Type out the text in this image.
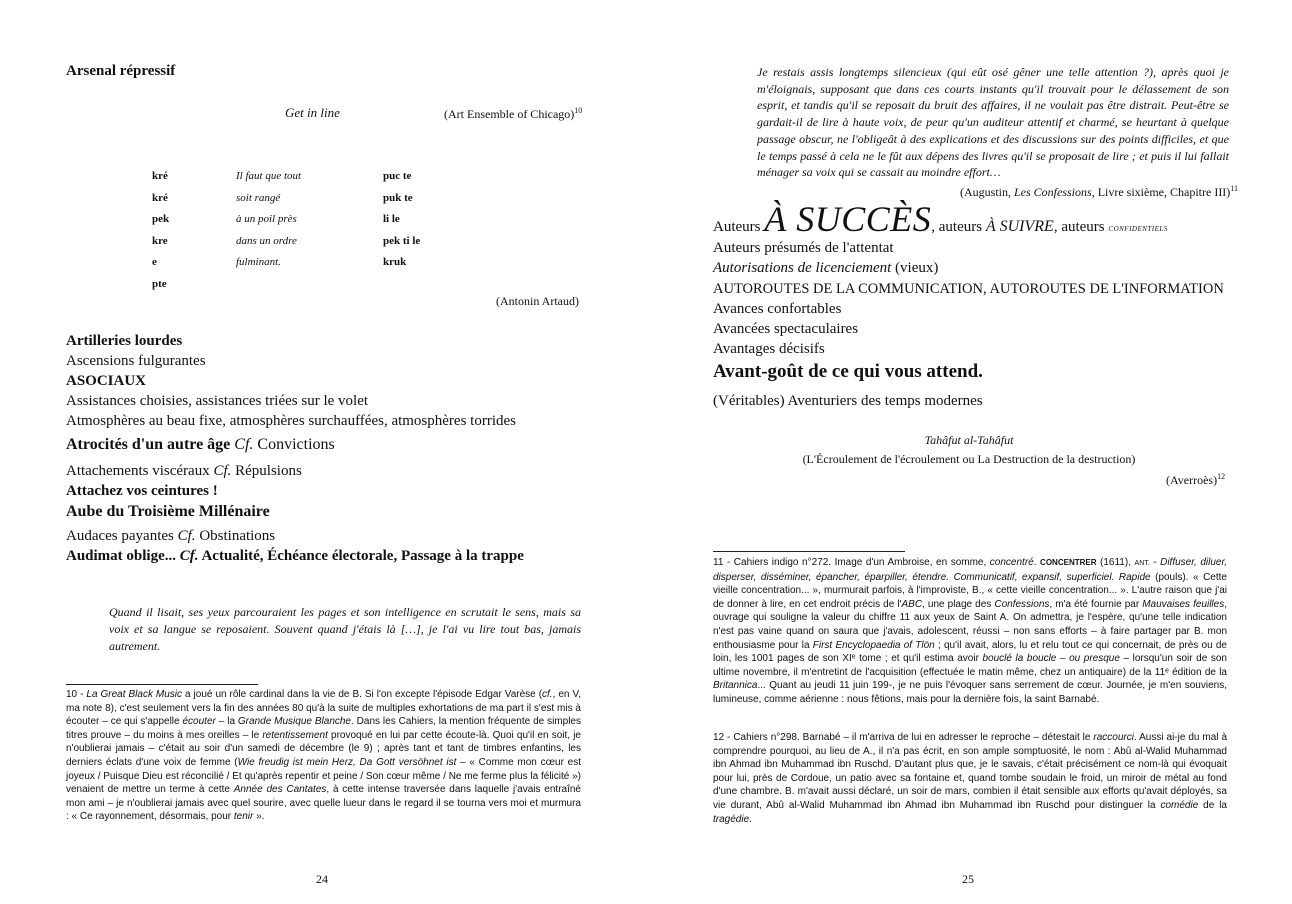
Arsenal répressif
Get in line	(Art Ensemble of Chicago)$^{10}$
kré
kré
pek
kre
e
pte
Il faut que tout
soit rangé
à un poil près
dans un ordre
fulminant.
puc te
puk te
li le
pek ti le
kruk
(Antonin Artaud)
Artilleries lourdes
Ascensions fulgurantes
ASOCIAUX
Assistances choisies, assistances triées sur le volet
Atmosphères au beau fixe, atmosphères surchauffées, atmosphères torrides
Atrocités d'un autre âge Cf. Convictions
Attachements viscéraux Cf. Répulsions
Attachez vos ceintures !
Aube du Troisième Millénaire
Audaces payantes Cf. Obstinations
Audimat oblige... Cf. Actualité, Échéance électorale, Passage à la trappe
Quand il lisait, ses yeux parcouraient les pages et son intelligence en scrutait le sens, mais sa voix et sa langue se reposaient. Souvent quand j'étais là […], je l'ai vu lire tout bas, jamais autrement.

10 - La Great Black Music a joué un rôle cardinal dans la vie de B. Si l'on excepte l'épisode Edgar Varèse (cf., en V, ma note 8), c'est seulement vers la fin des années 80 qu'à la suite de multiples exhortations de ma part il s'est mis à écouter – ce qui s'appelle écouter – la Grande Musique Blanche. Dans les Cahiers, la mention fréquente de simples titres prouve – du moins à mes oreilles – le retentissement provoqué en lui par cette écoute-là. Quoi qu'il en soit, je n'oublierai jamais – c'était au soir d'un samedi de décembre (le 9) ; après tant et tant de timbres enfantins, les derniers éclats d'une voix de femme (Wie freudig ist mein Herz, Da Gott versöhnet ist – « Comme mon cœur est joyeux / Puisque Dieu est réconcilié / Et qu'après repentir et peine / Son cœur même / Ne me ferme plus la félicité ») venaient de mettre un terme à cette Année des Cantates, à cette intense traversée dans laquelle j'avais entraîné mon ami – je n'oublierai jamais avec quel sourire, avec quelle lueur dans le regard il se tourna vers moi et murmura : « Ce rayonnement, désormais, pour tenir ».

24
Je restais assis longtemps silencieux (qui eût osé gêner une telle attention ?), après quoi je m'éloignais, supposant que dans ces courts instants qu'il trouvait pour le délassement de son esprit, et tandis qu'il se reposait du bruit des affaires, il ne voulait pas être distrait. Peut-être se gardait-il de lire à haute voix, de peur qu'un auditeur attentif et charmé, se heurtant à quelque passage obscur, ne l'obligeât à des explications et des discussions sur des points difficiles, et que le temps passé à cela ne le fût aux dépens des livres qu'il se proposait de lire ; et puis il lui fallait ménager sa voix qui se cassait au moindre effort…
(Augustin, Les Confessions, Livre sixième, Chapitre III)$^{11}$
Auteurs À SUCCÈS, auteurs À SUIVRE, auteurs CONFIDENTIELS
Auteurs présumés de l'attentat
Autorisations de licenciement (vieux)
AUTOROUTES DE LA COMMUNICATION, AUTOROUTES DE L'INFORMATION
Avances confortables
Avancées spectaculaires
Avantages décisifs
Avant-goût de ce qui vous attend.
(Véritables) Aventuriers des temps modernes
Tahâfut al-Tahâfut
(L'Écroulement de l'écroulement ou La Destruction de la destruction)
(Averroès)$^{12}$

11 - Cahiers indigo n°272. Image d'un Ambroise, en somme, concentré. CONCENTRER (1611), ANT. - Diffuser, diluer, disperser, disséminer, épancher, éparpiller, étendre. Communicatif, expansif, superficiel. Rapide (pouls). « Cette vieille concentration... », murmurait parfois, à l'improviste, B., « cette vieille concentration... ». L'autre raison que j'ai de donner à lire, en cet endroit précis de l'ABC, une plage des Confessions, m'a été fournie par Mauvaises feuilles, ouvrage qui souligne la valeur du chiffre 11 aux yeux de Saint A. On admettra, je l'espère, qu'une telle indication n'est pas vaine quand on saura que j'avais, adolescent, réussi – non sans efforts – à faire partager par B. mon enthousiasme pour la First Encyclopaedia of Tlön ; qu'il avait, alors, lu et relu tout ce qui concernait, de près ou de loin, les 1001 pages de son XIᵉ tome ; et qu'il estima avoir bouclé la boucle – ou presque – lorsqu'un soir de son ultime novembre, il m'entretint de l'acquisition (effectuée le matin même, chez un antiquaire) de la 11ᵉ édition de la Britannica... Quant au jeudi 11 juin 199-, je ne puis l'évoquer sans serrement de cœur. Journée, je m'en souviens, lumineuse, comme aérienne : nous fêtions, mais pour la dernière fois, la saint Barnabé.

12 - Cahiers n°298. Barnabé – il m'arriva de lui en adresser le reproche – détestait le raccourci. Aussi ai-je du mal à comprendre pourquoi, au lieu de A., il n'a pas écrit, en son ample somptuosité, le nom : Abû al-Walid Muhammad ibn Ahmad ibn Muhammad ibn Ruschd. D'autant plus que, je le savais, c'était précisément ce nom-là qui évoquait pour lui, près de Cordoue, un patio avec sa fontaine et, quand tombe soudain le froid, un miroir de métal au fond d'une chambre. B. m'avait aussi déclaré, un soir de mars, combien il était sensible aux efforts qu'avait déployés, sa vie durant, Abû al-Walid Muhammad ibn Ahmad ibn Muhammad ibn Ruschd pour distinguer la comédie de la tragédie.

25
